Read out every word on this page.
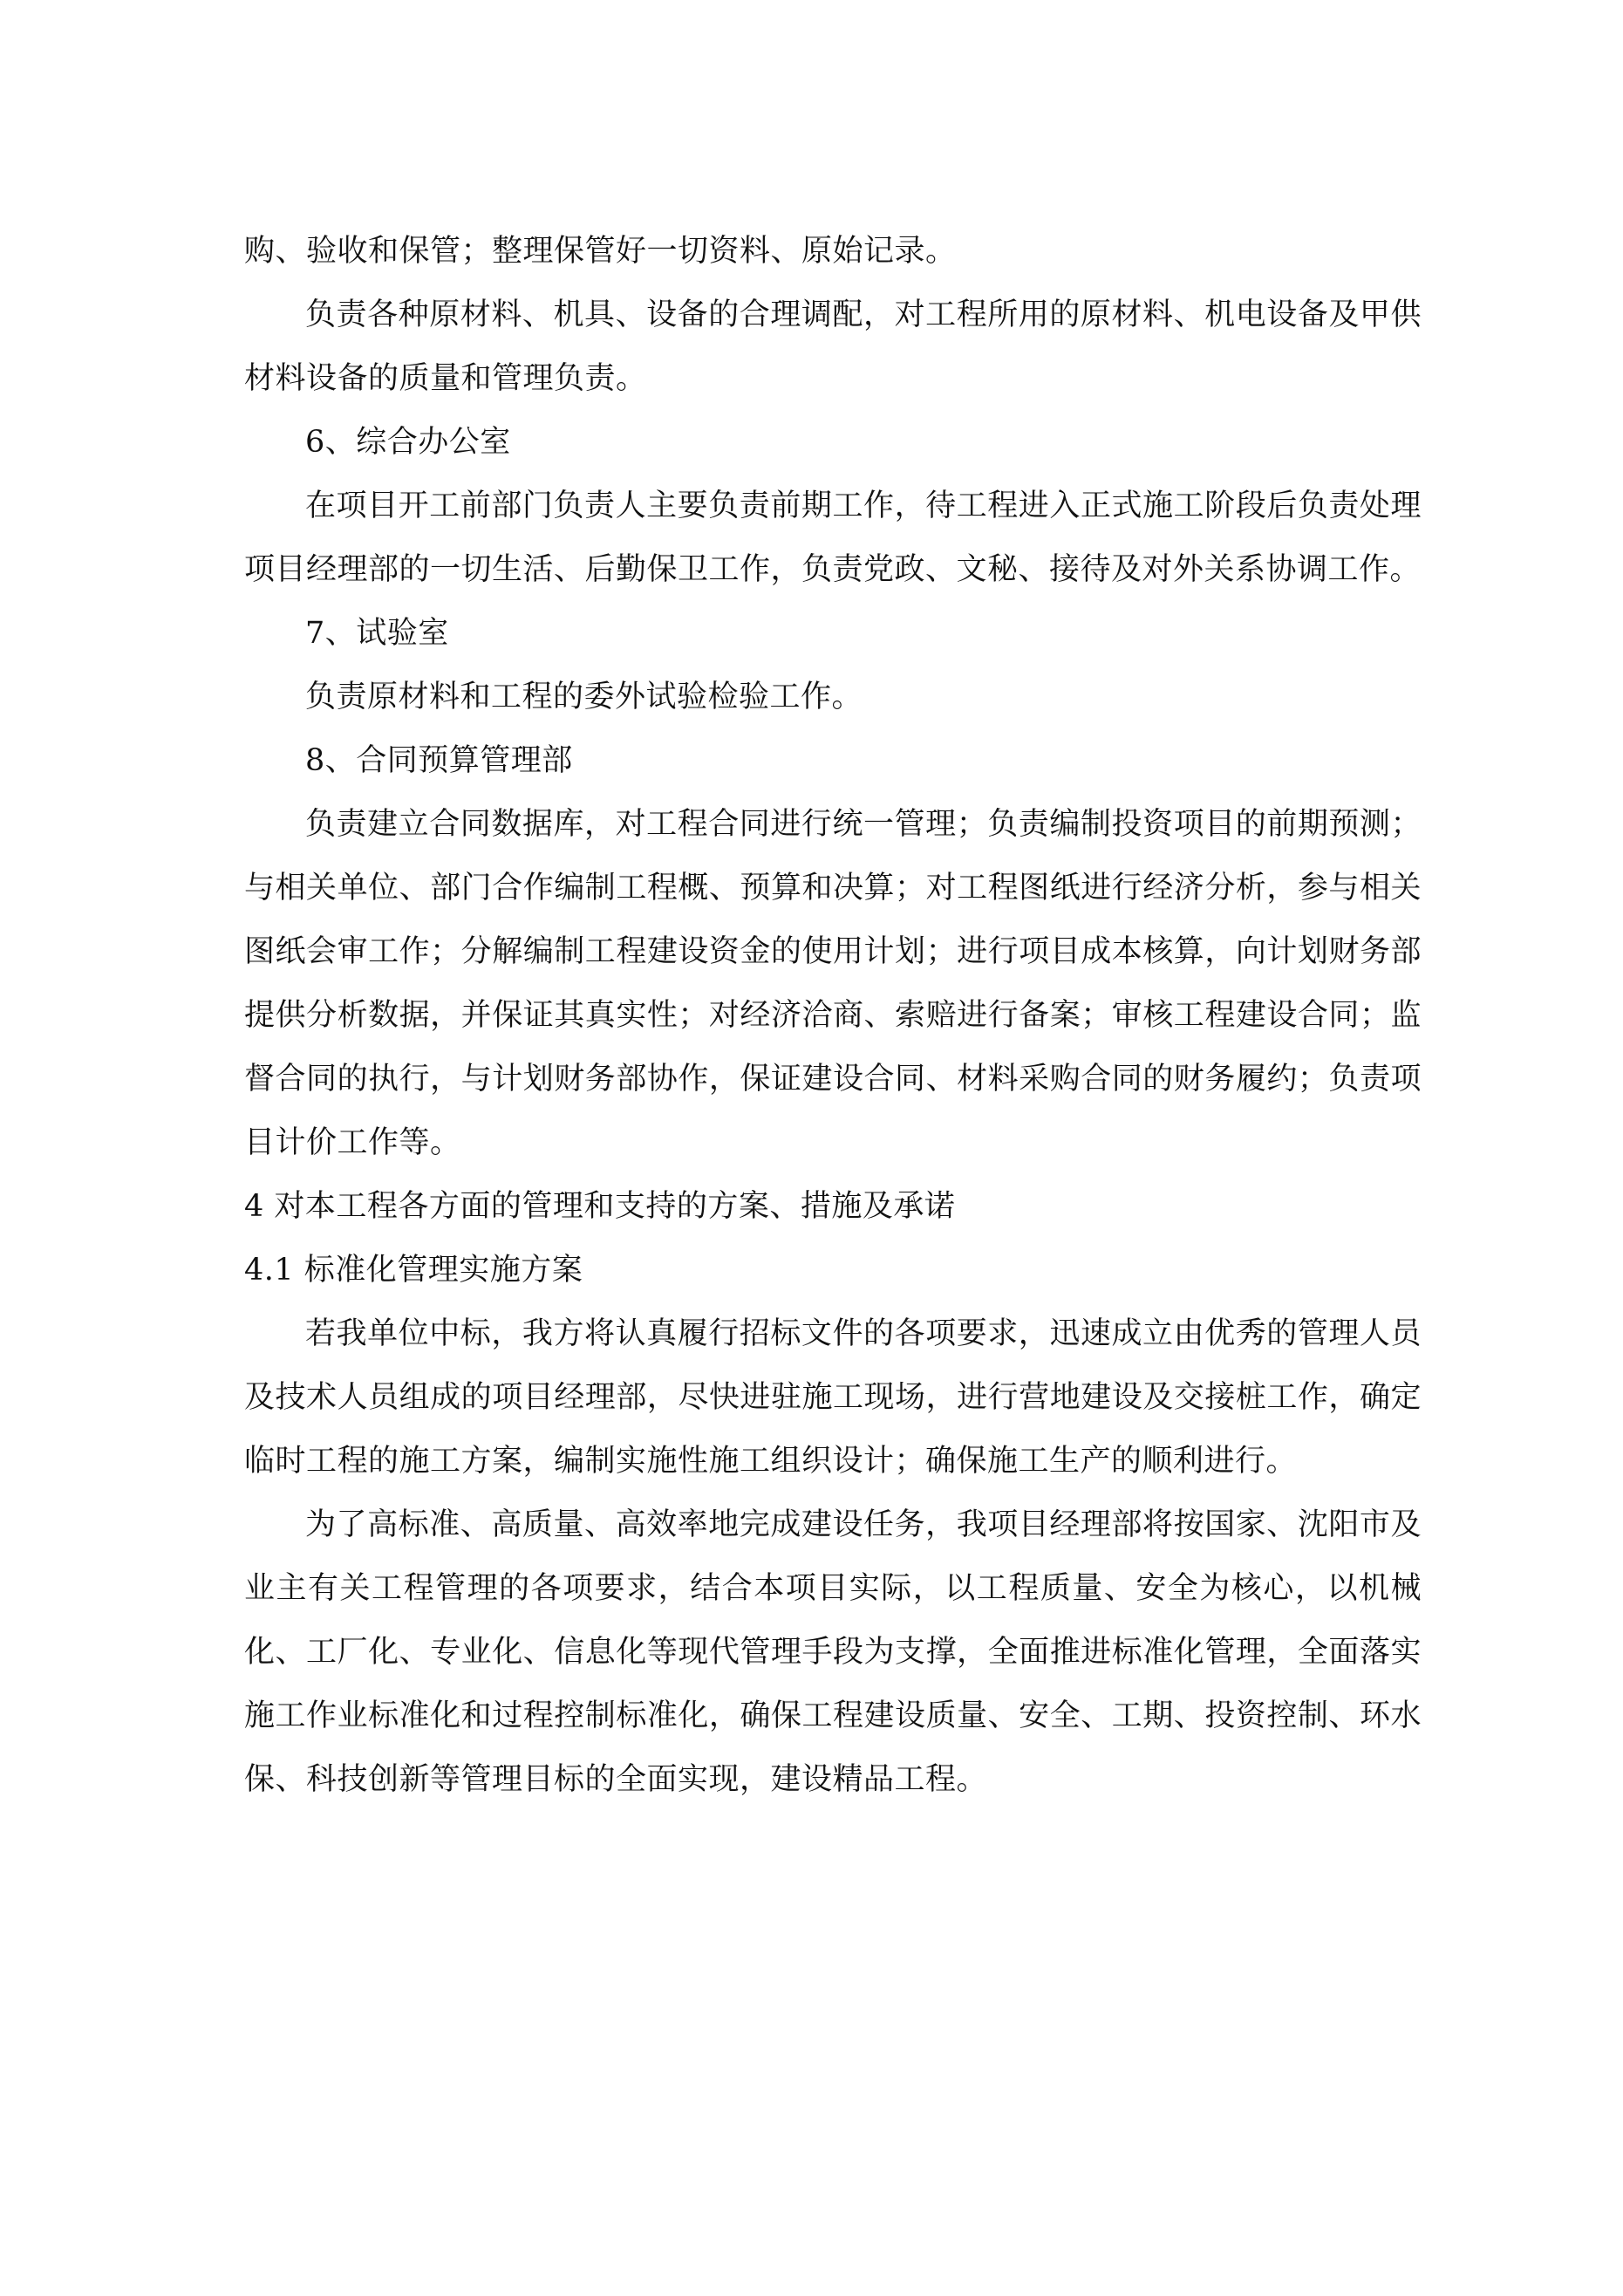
购、验收和保管；整理保管好一切资料、原始记录。

负责各种原材料、机具、设备的合理调配，对工程所用的原材料、机电设备及甲供材料设备的质量和管理负责。

6、综合办公室

在项目开工前部门负责人主要负责前期工作，待工程进入正式施工阶段后负责处理项目经理部的一切生活、后勤保卫工作，负责党政、文秘、接待及对外关系协调工作。

7、试验室

负责原材料和工程的委外试验检验工作。

8、合同预算管理部

负责建立合同数据库，对工程合同进行统一管理；负责编制投资项目的前期预测；与相关单位、部门合作编制工程概、预算和决算；对工程图纸进行经济分析，参与相关图纸会审工作；分解编制工程建设资金的使用计划；进行项目成本核算，向计划财务部提供分析数据，并保证其真实性；对经济洽商、索赔进行备案；审核工程建设合同；监督合同的执行，与计划财务部协作，保证建设合同、材料采购合同的财务履约；负责项目计价工作等。

4 对本工程各方面的管理和支持的方案、措施及承诺

4.1 标准化管理实施方案

若我单位中标，我方将认真履行招标文件的各项要求，迅速成立由优秀的管理人员及技术人员组成的项目经理部，尽快进驻施工现场，进行营地建设及交接桩工作，确定临时工程的施工方案，编制实施性施工组织设计；确保施工生产的顺利进行。

为了高标准、高质量、高效率地完成建设任务，我项目经理部将按国家、沈阳市及业主有关工程管理的各项要求，结合本项目实际，以工程质量、安全为核心，以机械化、工厂化、专业化、信息化等现代管理手段为支撑，全面推进标准化管理，全面落实施工作业标准化和过程控制标准化，确保工程建设质量、安全、工期、投资控制、环水保、科技创新等管理目标的全面实现，建设精品工程。
